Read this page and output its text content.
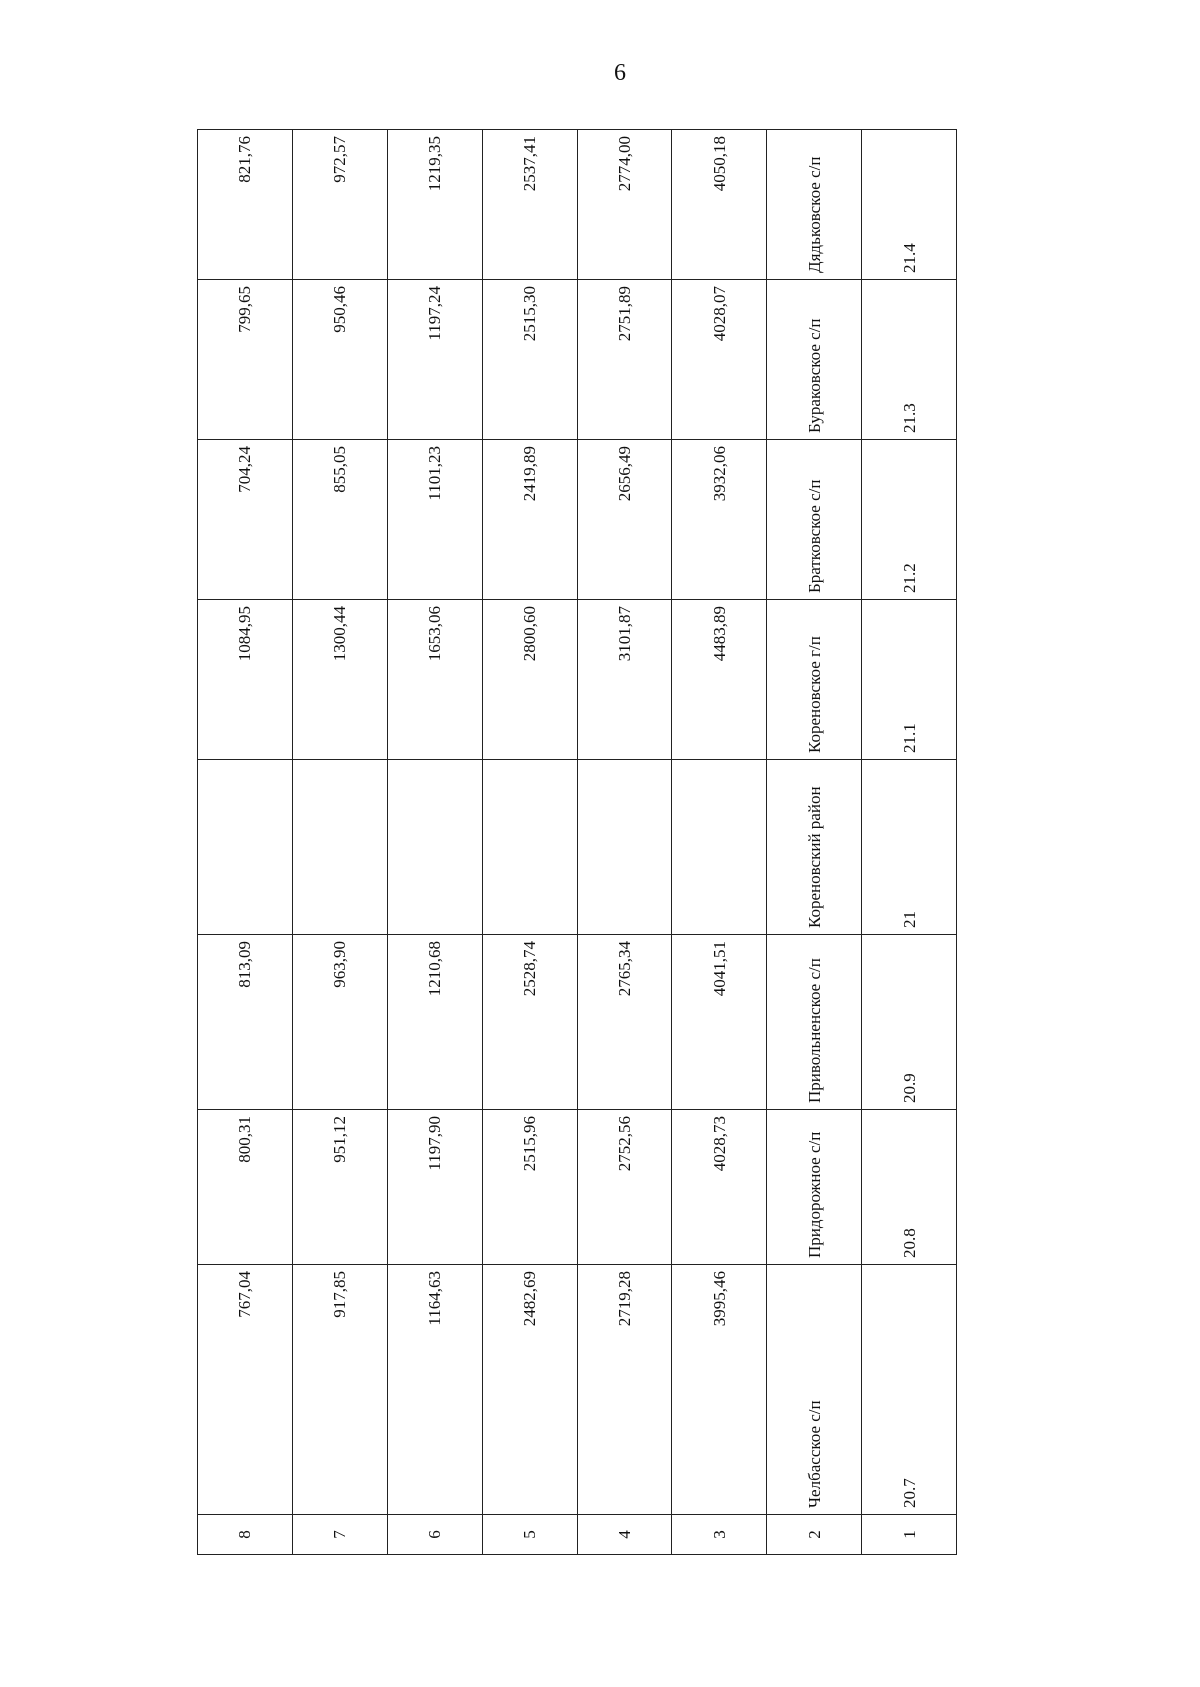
6
8	767,04	800,31	813,09		1084,95	704,24	799,65	821,76																								
7	917,85	951,12	963,90		1300,44	855,05	950,46	972,57																								
6	1164,63	1197,90	1210,68		1653,06	1101,23	1197,24	1219,35																								
5	2482,69	2515,96	2528,74		2800,60	2419,89	2515,30	2537,41																								
4	2719,28	2752,56	2765,34		3101,87	2656,49	2751,89	2774,00																								
3	3995,46	4028,73	4041,51		4483,89	3932,06	4028,07	4050,18																								
2	Челбасское с/п	Придорожное с/п	Привольненское с/п	Кореновский район	Кореновское г/п	Братковское с/п	Бураковское с/п	Дядьковское с/п																								
1	20.7	20.8	20.9	21	21.1	21.2	21.3	21.4																								
